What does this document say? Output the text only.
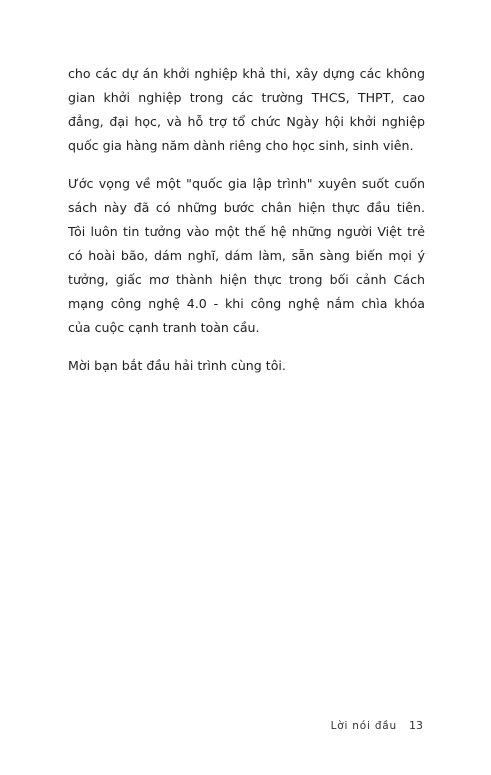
cho các dự án khởi nghiệp khả thi, xây dựng các không
gian khởi nghiệp trong các trường THCS, THPT, cao
đẳng, đại học, và hỗ trợ tổ chức Ngày hội khởi nghiệp
quốc gia hàng năm dành riêng cho học sinh, sinh viên.

Ước vọng về một "quốc gia lập trình" xuyên suốt cuốn
sách này đã có những bước chân hiện thực đầu tiên.
Tôi luôn tin tưởng vào một thế hệ những người Việt trẻ
có hoài bão, dám nghĩ, dám làm, sẵn sàng biến mọi ý
tưởng, giấc mơ thành hiện thực trong bối cảnh Cách
mạng công nghệ 4.0 - khi công nghệ nắm chìa khóa
của cuộc cạnh tranh toàn cầu.

Mời bạn bắt đầu hải trình cùng tôi.

Lời nói đầu 13
